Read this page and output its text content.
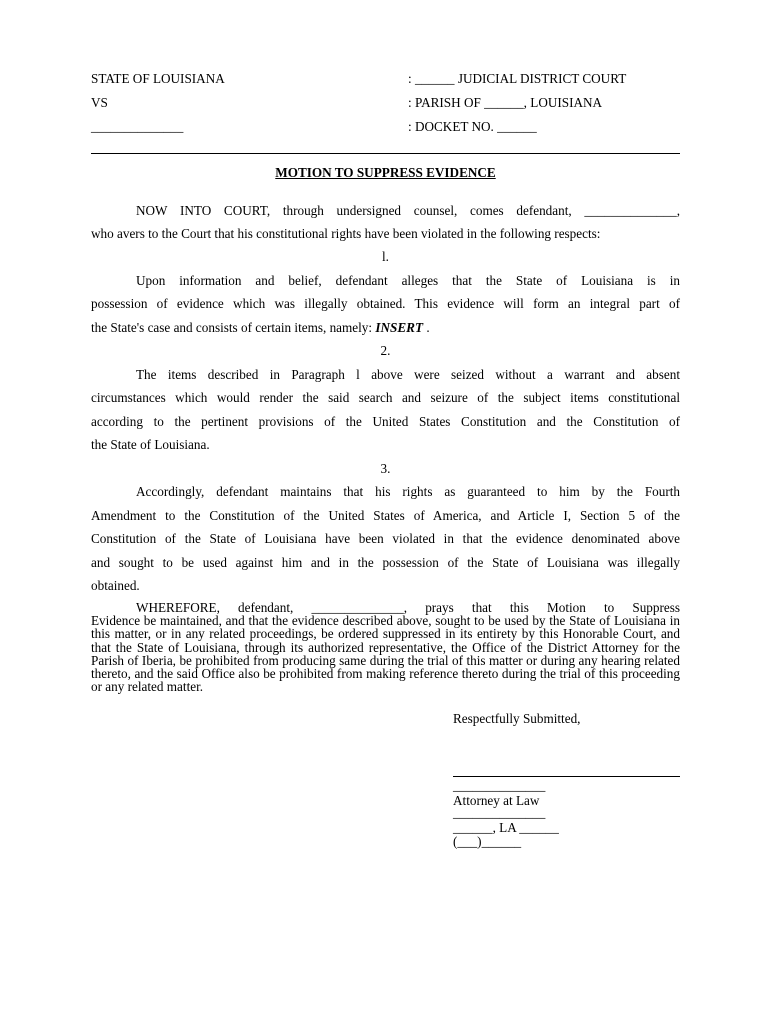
STATE OF LOUISIANA
VS
______________
: ______ JUDICIAL DISTRICT COURT
: PARISH OF ______, LOUISIANA
: DOCKET NO. ______
MOTION TO SUPPRESS EVIDENCE
NOW INTO COURT, through undersigned counsel, comes defendant, ______________,
who avers to the Court that his constitutional rights have been violated in the following respects:
l.
Upon information and belief, defendant alleges that the State of Louisiana is in
possession of evidence which was illegally obtained. This evidence will form an integral part of
the State's case and consists of certain items, namely: INSERT .
2.
The items described in Paragraph l above were seized without a warrant and absent
circumstances which would render the said search and seizure of the subject items constitutional
according to the pertinent provisions of the United States Constitution and the Constitution of
the State of Louisiana.
3.
Accordingly, defendant maintains that his rights as guaranteed to him by the Fourth
Amendment to the Constitution of the United States of America, and Article I, Section 5 of the
Constitution of the State of Louisiana have been violated in that the evidence denominated above
and sought to be used against him and in the possession of the State of Louisiana was illegally
obtained.
WHEREFORE, defendant, ______________, prays that this Motion to Suppress
Evidence be maintained, and that the evidence described above, sought to be used by the State of Louisiana in this matter, or in any related proceedings, be ordered suppressed in its entirety by this Honorable Court, and that the State of Louisiana, through its authorized representative, the Office of the District Attorney for the Parish of Iberia, be prohibited from producing same during the trial of this matter or during any hearing related thereto, and the said Office also be prohibited from making reference thereto during the trial of this proceeding or any related matter.
Respectfully Submitted,
______________
Attorney at Law
______________
______, LA ______
(___)______
